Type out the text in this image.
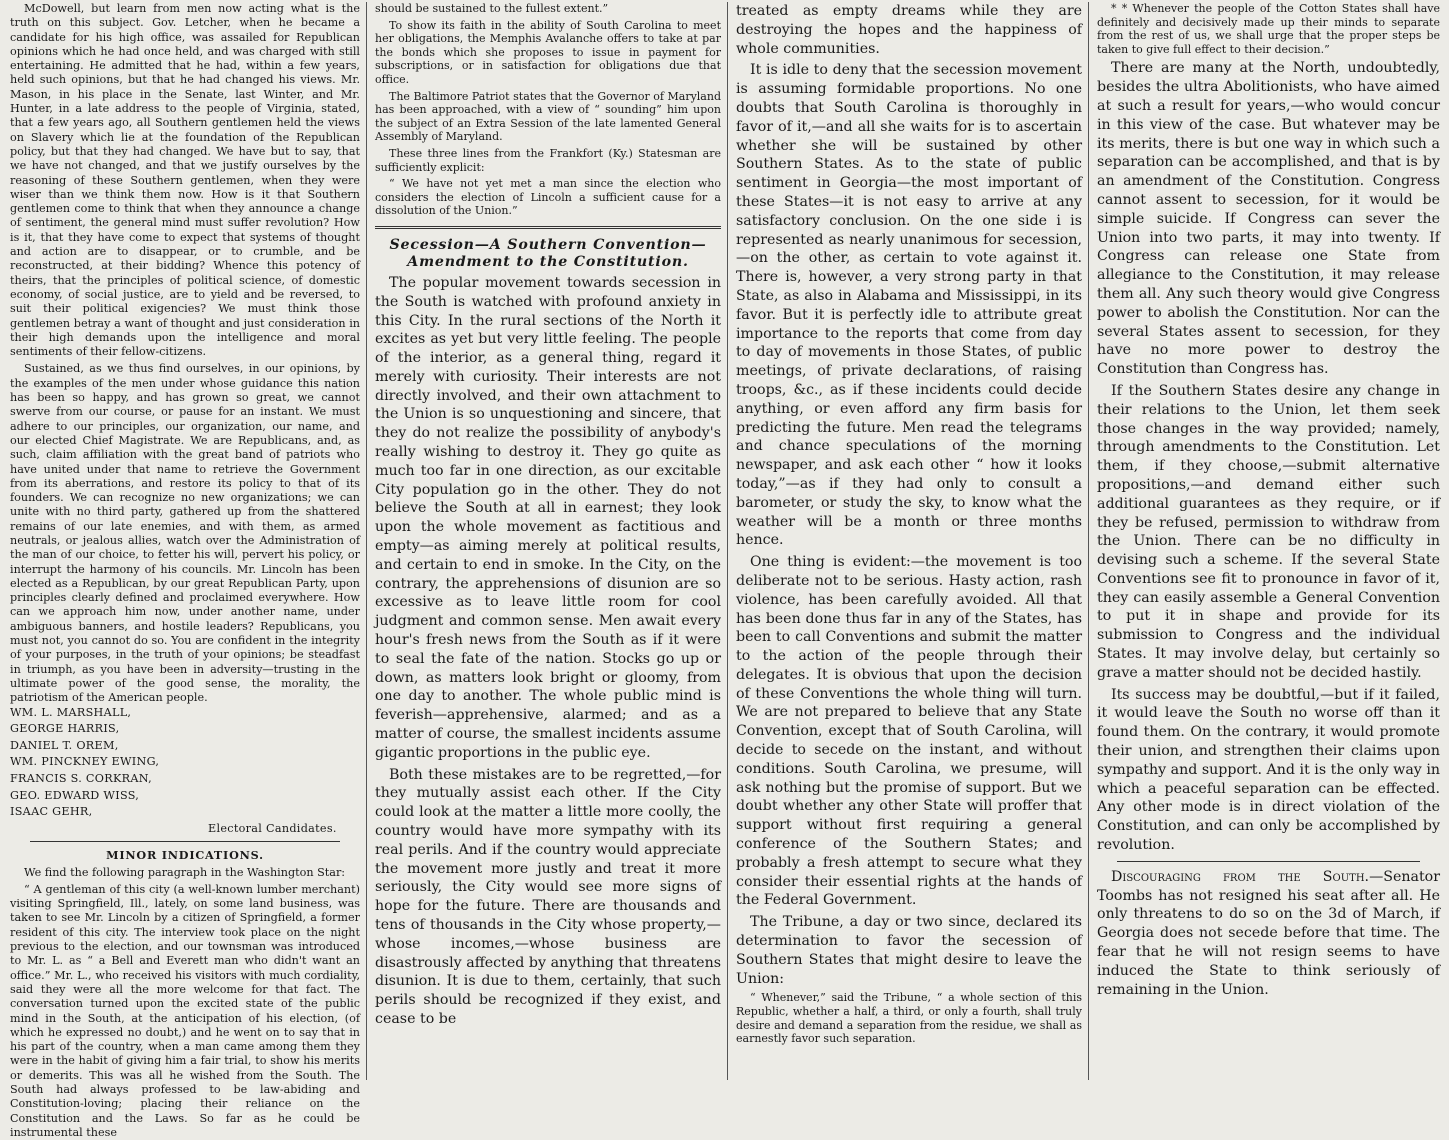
McDowell, but learn from men now acting what is the truth on this subject. Gov. Letcher, when he became a candidate for his high office, was assailed for Republican opinions which he had once held, and was charged with still entertaining. He admitted that he had, within a few years, held such opinions, but that he had changed his views. Mr. Mason, in his place in the Senate, last Winter, and Mr. Hunter, in a late address to the people of Virginia, stated, that a few years ago, all Southern gentlemen held the views on Slavery which lie at the foundation of the Republican policy, but that they had changed. We have but to say, that we have not changed, and that we justify ourselves by the reasoning of these Southern gentlemen, when they were wiser than we think them now. How is it that Southern gentlemen come to think that when they announce a change of sentiment, the general mind must suffer revolution? How is it, that they have come to expect that systems of thought and action are to disappear, or to crumble, and be reconstructed, at their bidding? Whence this potency of theirs, that the principles of political science, of domestic economy, of social justice, are to yield and be reversed, to suit their political exigencies? We must think those gentlemen betray a want of thought and just consideration in their high demands upon the intelligence and moral sentiments of their fellow-citizens.

Sustained, as we thus find ourselves, in our opinions, by the examples of the men under whose guidance this nation has been so happy, and has grown so great, we cannot swerve from our course, or pause for an instant. We must adhere to our principles, our organization, our name, and our elected Chief Magistrate. We are Republicans, and, as such, claim affiliation with the great band of patriots who have united under that name to retrieve the Government from its aberrations, and restore its policy to that of its founders. We can recognize no new organizations; we can unite with no third party, gathered up from the shattered remains of our late enemies, and with them, as armed neutrals, or jealous allies, watch over the Administration of the man of our choice, to fetter his will, pervert his policy, or interrupt the harmony of his councils. Mr. Lincoln has been elected as a Republican, by our great Republican Party, upon principles clearly defined and proclaimed everywhere. How can we approach him now, under another name, under ambiguous banners, and hostile leaders? Republicans, you must not, you cannot do so. You are confident in the integrity of your purposes, in the truth of your opinions; be steadfast in triumph, as you have been in adversity—trusting in the ultimate power of the good sense, the morality, the patriotism of the American people.

WM. L. MARSHALL,

GEORGE HARRIS,

DANIEL T. OREM,

WM. PINCKNEY EWING,

FRANCIS S. CORKRAN,

GEO. EDWARD WISS,

ISAAC GEHR,

Electoral Candidates.

MINOR INDICATIONS.

We find the following paragraph in the Washington Star:

“ A gentleman of this city (a well-known lumber merchant) visiting Springfield, Ill., lately, on some land business, was taken to see Mr. Lincoln by a citizen of Springfield, a former resident of this city. The interview took place on the night previous to the election, and our townsman was introduced to Mr. L. as “ a Bell and Everett man who didn't want an office.” Mr. L., who received his visitors with much cordiality, said they were all the more welcome for that fact. The conversation turned upon the excited state of the public mind in the South, at the anticipation of his election, (of which he expressed no doubt,) and he went on to say that in his part of the country, when a man came among them they were in the habit of giving him a fair trial, to show his merits or demerits. This was all he wished from the South. The South had always professed to be law-abiding and Constitution-loving; placing their reliance on the Constitution and the Laws. So far as he could be instrumental these

should be sustained to the fullest extent.”

To show its faith in the ability of South Carolina to meet her obligations, the Memphis Avalanche offers to take at par the bonds which she proposes to issue in payment for subscriptions, or in satisfaction for obligations due that office.

The Baltimore Patriot states that the Governor of Maryland has been approached, with a view of “ sounding” him upon the subject of an Extra Session of the late lamented General Assembly of Maryland.

These three lines from the Frankfort (Ky.) Statesman are sufficiently explicit:

“ We have not yet met a man since the election who considers the election of Lincoln a sufficient cause for a dissolution of the Union.”

Secession—A Southern Convention—

Amendment to the Constitution.

The popular movement towards secession in the South is watched with profound anxiety in this City. In the rural sections of the North it excites as yet but very little feeling. The people of the interior, as a general thing, regard it merely with curiosity. Their interests are not directly involved, and their own attachment to the Union is so unquestioning and sincere, that they do not realize the possibility of anybody's really wishing to destroy it. They go quite as much too far in one direction, as our excitable City population go in the other. They do not believe the South at all in earnest; they look upon the whole movement as factitious and empty—as aiming merely at political results, and certain to end in smoke. In the City, on the contrary, the apprehensions of disunion are so excessive as to leave little room for cool judgment and common sense. Men await every hour's fresh news from the South as if it were to seal the fate of the nation. Stocks go up or down, as matters look bright or gloomy, from one day to another. The whole public mind is feverish—apprehensive, alarmed; and as a matter of course, the smallest incidents assume gigantic proportions in the public eye.

Both these mistakes are to be regretted,—for they mutually assist each other. If the City could look at the matter a little more coolly, the country would have more sympathy with its real perils. And if the country would appreciate the movement more justly and treat it more seriously, the City would see more signs of hope for the future. There are thousands and tens of thousands in the City whose property,—whose incomes,—whose business are disastrously affected by anything that threatens disunion. It is due to them, certainly, that such perils should be recognized if they exist, and cease to be

treated as empty dreams while they are destroying the hopes and the happiness of whole communities.

It is idle to deny that the secession movement is assuming formidable proportions. No one doubts that South Carolina is thoroughly in favor of it,—and all she waits for is to ascertain whether she will be sustained by other Southern States. As to the state of public sentiment in Georgia—the most important of these States—it is not easy to arrive at any satisfactory conclusion. On the one side i is represented as nearly unanimous for secession,—on the other, as certain to vote against it. There is, however, a very strong party in that State, as also in Alabama and Mississippi, in its favor. But it is perfectly idle to attribute great importance to the reports that come from day to day of movements in those States, of public meetings, of private declarations, of raising troops, &c., as if these incidents could decide anything, or even afford any firm basis for predicting the future. Men read the telegrams and chance speculations of the morning newspaper, and ask each other “ how it looks today,”—as if they had only to consult a barometer, or study the sky, to know what the weather will be a month or three months hence.

One thing is evident:—the movement is too deliberate not to be serious. Hasty action, rash violence, has been carefully avoided. All that has been done thus far in any of the States, has been to call Conventions and submit the matter to the action of the people through their delegates. It is obvious that upon the decision of these Conventions the whole thing will turn. We are not prepared to believe that any State Convention, except that of South Carolina, will decide to secede on the instant, and without conditions. South Carolina, we presume, will ask nothing but the promise of support. But we doubt whether any other State will proffer that support without first requiring a general conference of the Southern States; and probably a fresh attempt to secure what they consider their essential rights at the hands of the Federal Government.

The Tribune, a day or two since, declared its determination to favor the secession of Southern States that might desire to leave the Union:

“ Whenever,” said the Tribune, “ a whole section of this Republic, whether a half, a third, or only a fourth, shall truly desire and demand a separation from the residue, we shall as earnestly favor such separation.

* * Whenever the people of the Cotton States shall have definitely and decisively made up their minds to separate from the rest of us, we shall urge that the proper steps be taken to give full effect to their decision.”

There are many at the North, undoubtedly, besides the ultra Abolitionists, who have aimed at such a result for years,—who would concur in this view of the case. But whatever may be its merits, there is but one way in which such a separation can be accomplished, and that is by an amendment of the Constitution. Congress cannot assent to secession, for it would be simple suicide. If Congress can sever the Union into two parts, it may into twenty. If Congress can release one State from allegiance to the Constitution, it may release them all. Any such theory would give Congress power to abolish the Constitution. Nor can the several States assent to secession, for they have no more power to destroy the Constitution than Congress has.

If the Southern States desire any change in their relations to the Union, let them seek those changes in the way provided; namely, through amendments to the Constitution. Let them, if they choose,—submit alternative propositions,—and demand either such additional guarantees as they require, or if they be refused, permission to withdraw from the Union. There can be no difficulty in devising such a scheme. If the several State Conventions see fit to pronounce in favor of it, they can easily assemble a General Convention to put it in shape and provide for its submission to Congress and the individual States. It may involve delay, but certainly so grave a matter should not be decided hastily.

Its success may be doubtful,—but if it failed, it would leave the South no worse off than it found them. On the contrary, it would promote their union, and strengthen their claims upon sympathy and support. And it is the only way in which a peaceful separation can be effected. Any other mode is in direct violation of the Constitution, and can only be accomplished by revolution.

Discouraging from the South.—Senator Toombs has not resigned his seat after all. He only threatens to do so on the 3d of March, if Georgia does not secede before that time. The fear that he will not resign seems to have induced the State to think seriously of remaining in the Union.
